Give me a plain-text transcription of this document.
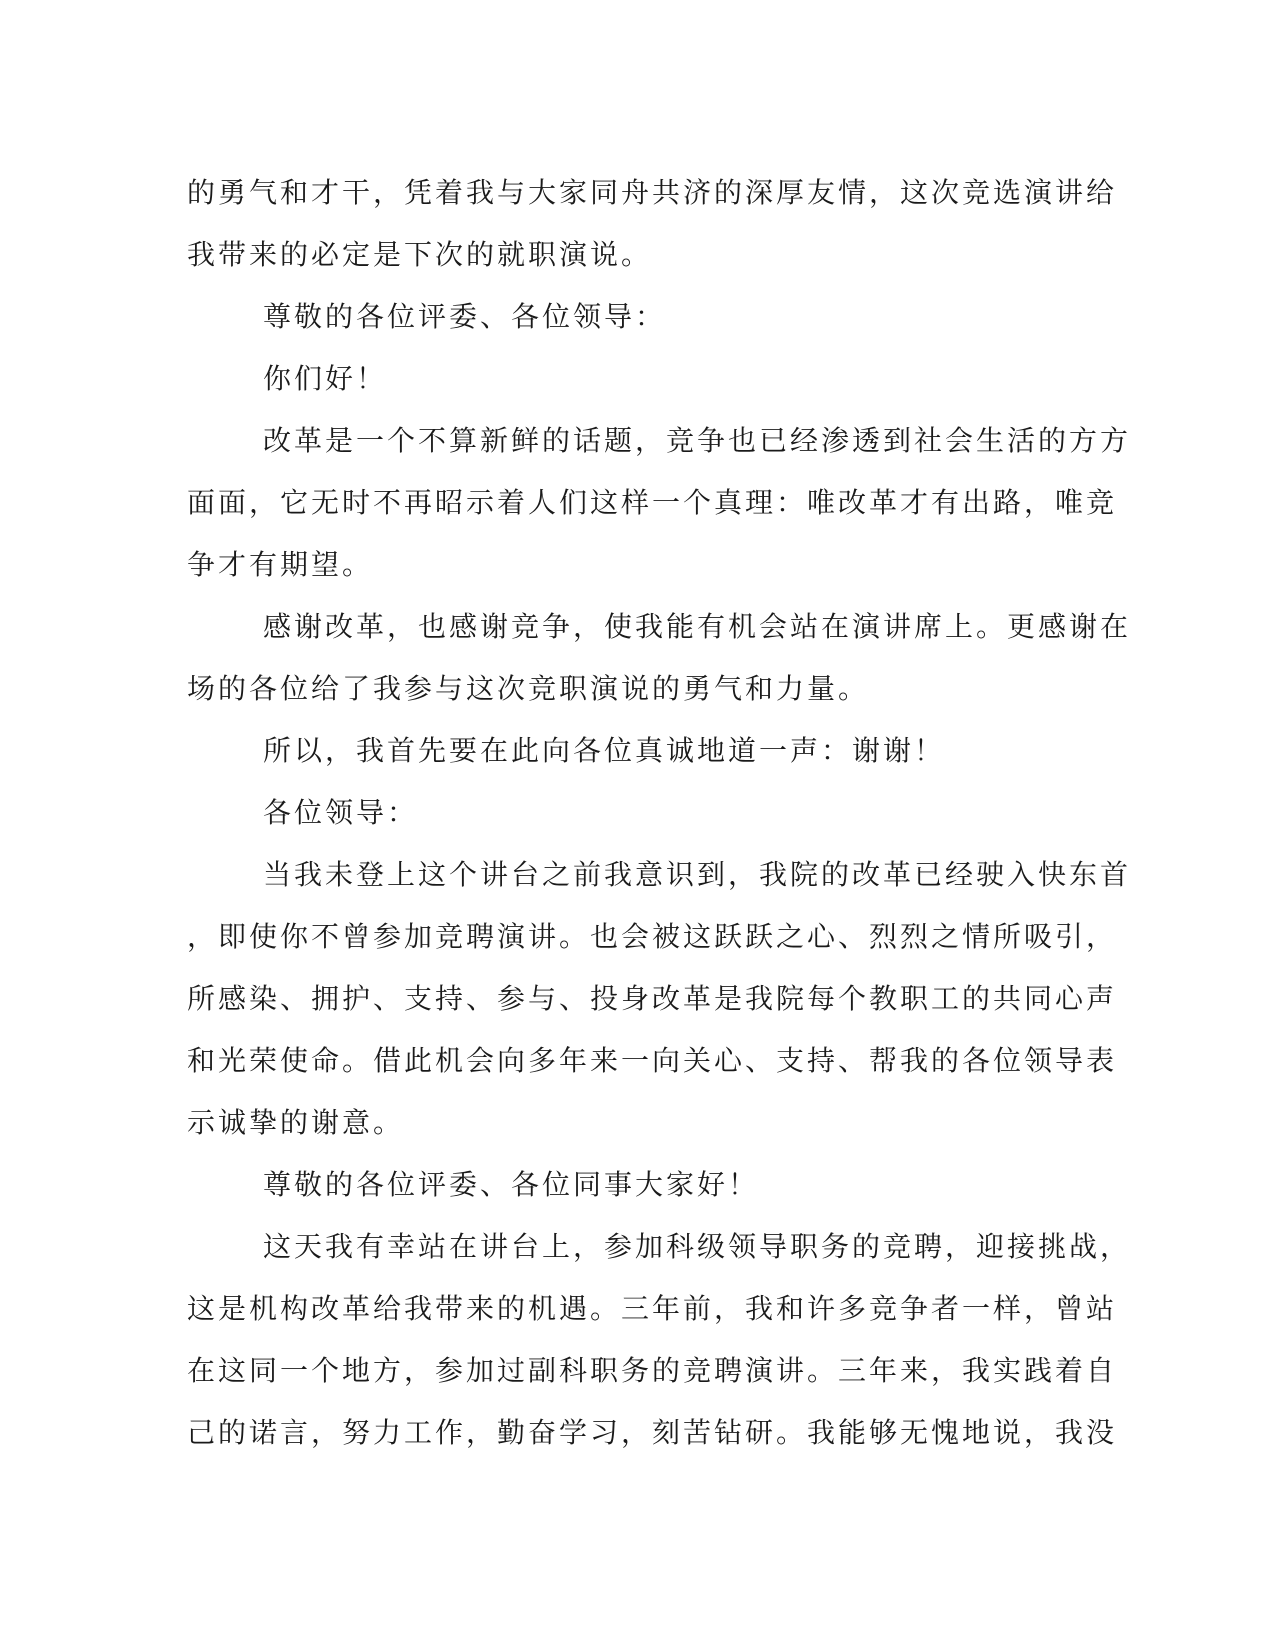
的勇气和才干，凭着我与大家同舟共济的深厚友情，这次竞选演讲给
我带来的必定是下次的就职演说。
尊敬的各位评委、各位领导：
你们好！
改革是一个不算新鲜的话题，竞争也已经渗透到社会生活的方方
面面，它无时不再昭示着人们这样一个真理：唯改革才有出路，唯竞
争才有期望。
感谢改革，也感谢竞争，使我能有机会站在演讲席上。更感谢在
场的各位给了我参与这次竞职演说的勇气和力量。
所以，我首先要在此向各位真诚地道一声：谢谢！
各位领导：
当我未登上这个讲台之前我意识到，我院的改革已经驶入快东首
，即使你不曾参加竞聘演讲。也会被这跃跃之心、烈烈之情所吸引，
所感染、拥护、支持、参与、投身改革是我院每个教职工的共同心声
和光荣使命。借此机会向多年来一向关心、支持、帮我的各位领导表
示诚挚的谢意。
尊敬的各位评委、各位同事大家好！
这天我有幸站在讲台上，参加科级领导职务的竞聘，迎接挑战，
这是机构改革给我带来的机遇。三年前，我和许多竞争者一样，曾站
在这同一个地方，参加过副科职务的竞聘演讲。三年来，我实践着自
己的诺言，努力工作，勤奋学习，刻苦钻研。我能够无愧地说，我没
